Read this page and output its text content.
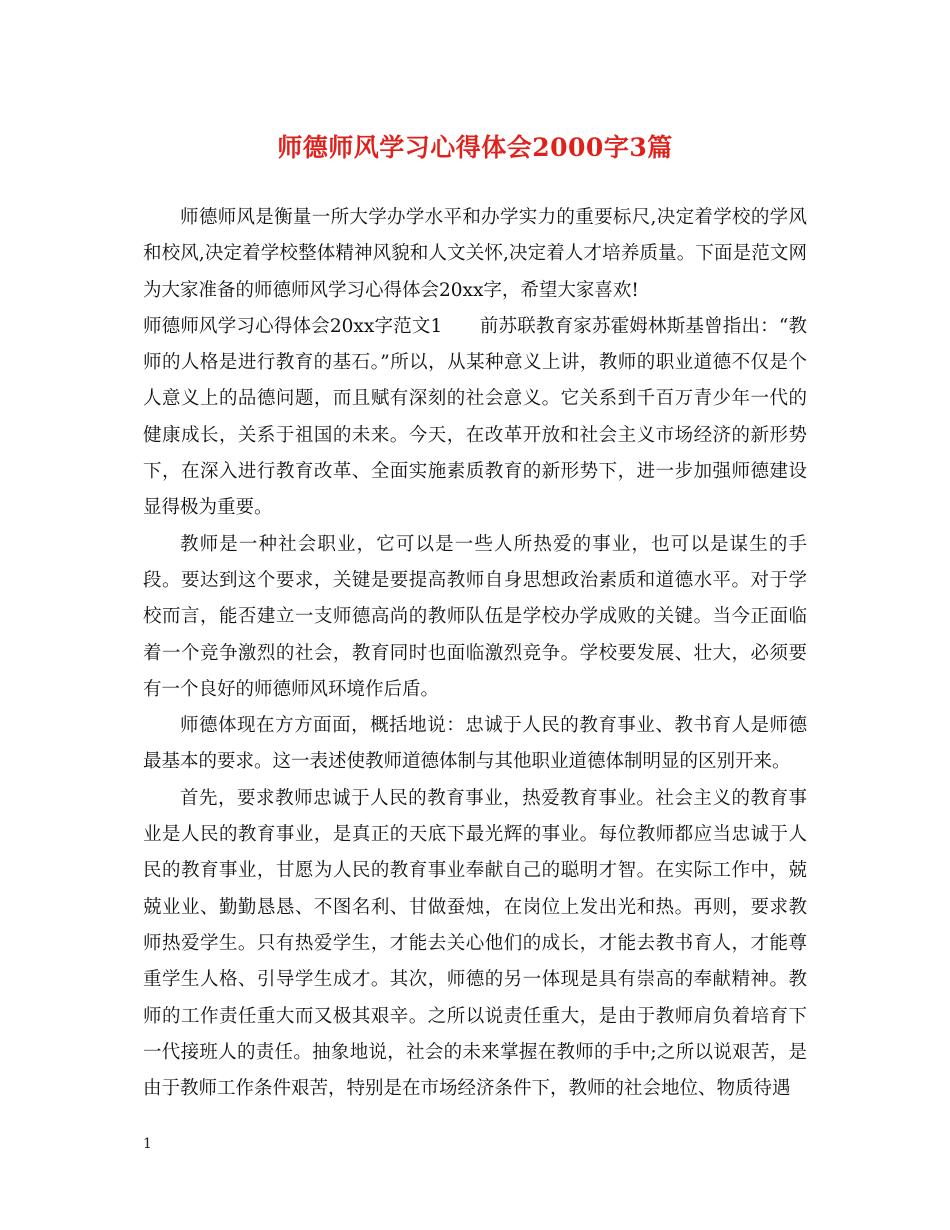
师德师风学习心得体会2000字3篇

师德师风是衡量一所大学办学水平和办学实力的重要标尺,决定着学校的学风和校风,决定着学校整体精神风貌和人文关怀,决定着人才培养质量。下面是范文网为大家准备的师德师风学习心得体会20xx字，希望大家喜欢!

师德师风学习心得体会20xx字范文1　　前苏联教育家苏霍姆林斯基曾指出：“教师的人格是进行教育的基石。”所以，从某种意义上讲，教师的职业道德不仅是个人意义上的品德问题，而且赋有深刻的社会意义。它关系到千百万青少年一代的健康成长，关系于祖国的未来。今天，在改革开放和社会主义市场经济的新形势下，在深入进行教育改革、全面实施素质教育的新形势下，进一步加强师德建设显得极为重要。

教师是一种社会职业，它可以是一些人所热爱的事业，也可以是谋生的手段。要达到这个要求，关键是要提高教师自身思想政治素质和道德水平。对于学校而言，能否建立一支师德高尚的教师队伍是学校办学成败的关键。当今正面临着一个竞争激烈的社会，教育同时也面临激烈竞争。学校要发展、壮大，必须要有一个良好的师德师风环境作后盾。

师德体现在方方面面，概括地说：忠诚于人民的教育事业、教书育人是师德最基本的要求。这一表述使教师道德体制与其他职业道德体制明显的区别开来。

首先，要求教师忠诚于人民的教育事业，热爱教育事业。社会主义的教育事业是人民的教育事业，是真正的天底下最光辉的事业。每位教师都应当忠诚于人民的教育事业，甘愿为人民的教育事业奉献自己的聪明才智。在实际工作中，兢兢业业、勤勤恳恳、不图名利、甘做蚕烛，在岗位上发出光和热。再则，要求教师热爱学生。只有热爱学生，才能去关心他们的成长，才能去教书育人，才能尊重学生人格、引导学生成才。其次，师德的另一体现是具有崇高的奉献精神。教师的工作责任重大而又极其艰辛。之所以说责任重大，是由于教师肩负着培育下一代接班人的责任。抽象地说，社会的未来掌握在教师的手中;之所以说艰苦，是由于教师工作条件艰苦，特别是在市场经济条件下，教师的社会地位、物质待遇

1
